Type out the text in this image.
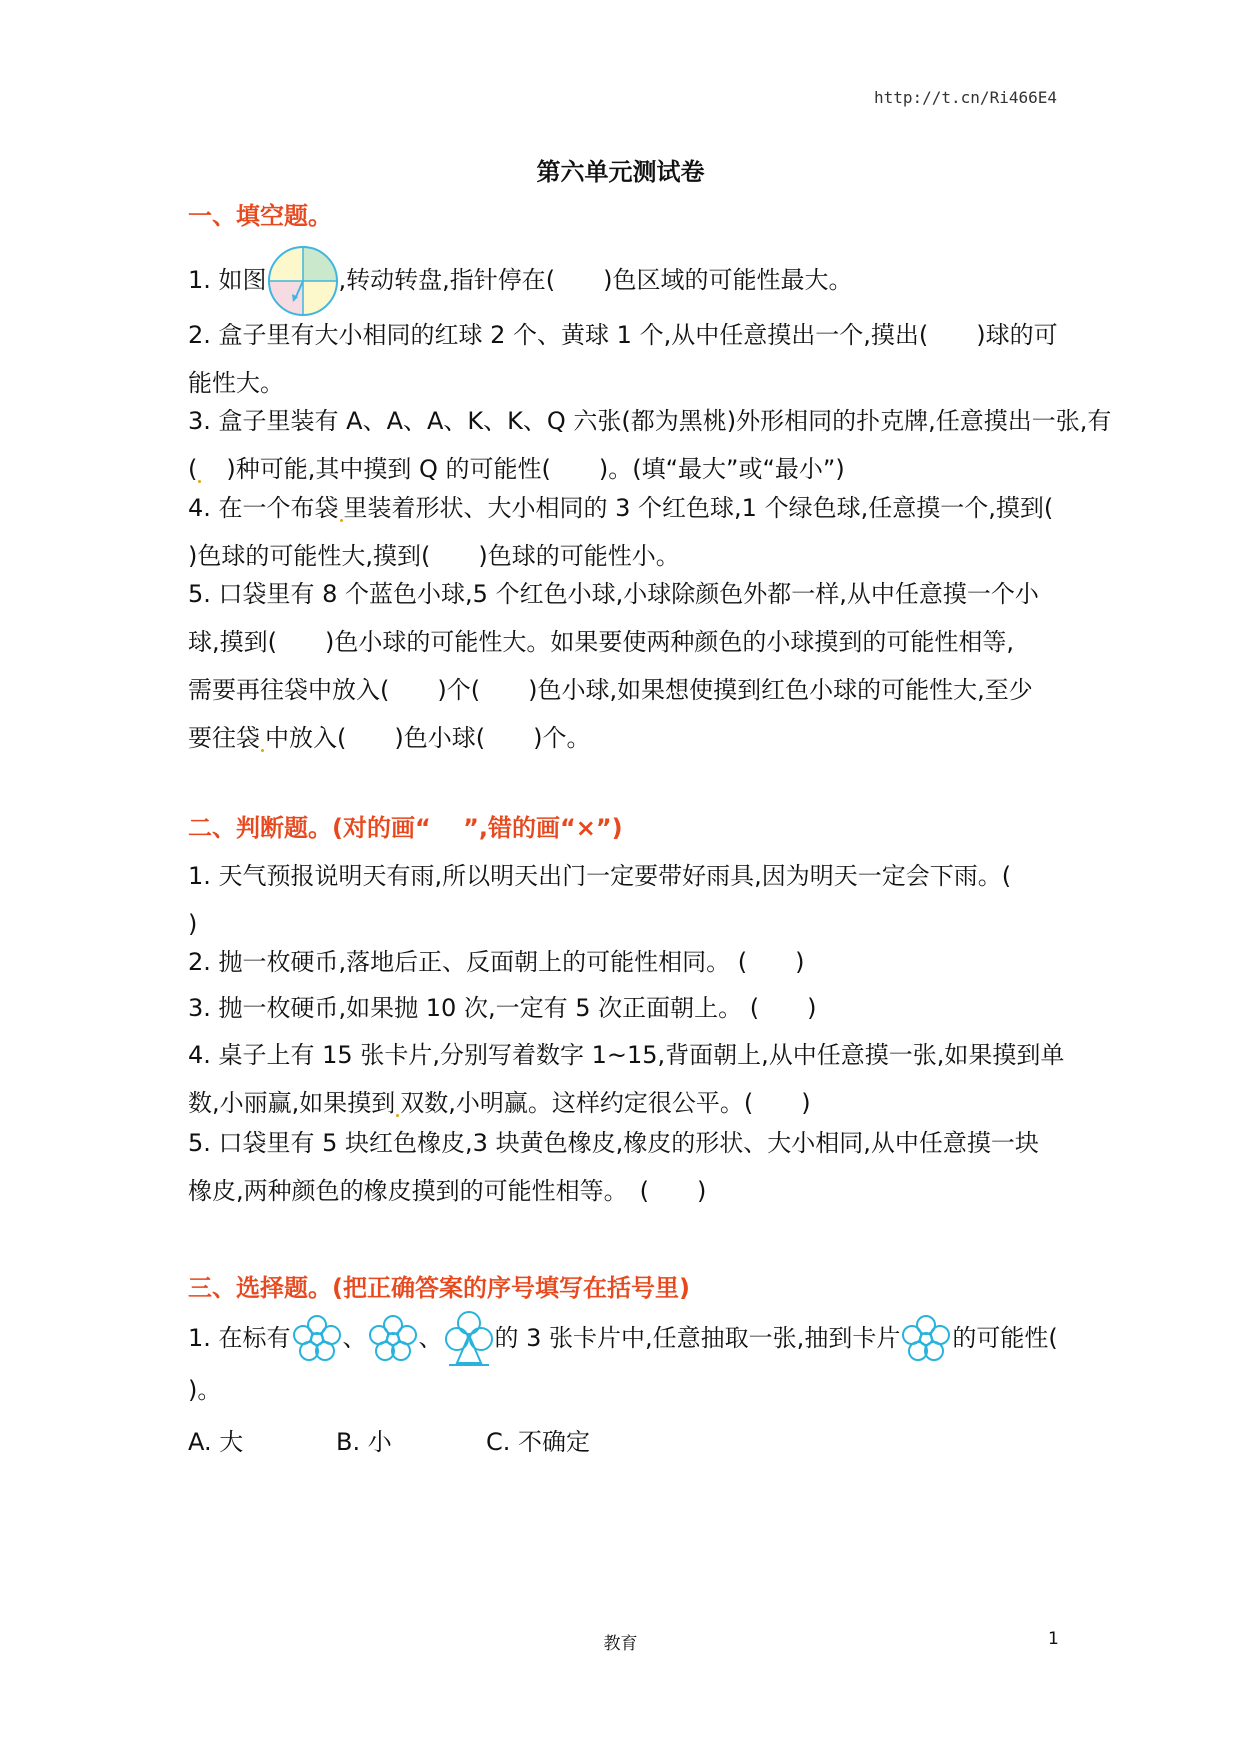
http://t.cn/Ri466E4
第六单元测试卷
一、填空题。
1. 如图	,转动转盘,指针停在(　　)色区域的可能性最大。
2. 盒子里有大小相同的红球 2 个、黄球 1 个,从中任意摸出一个,摸出(　　)球的可
能性大。
3. 盒子里装有 A、A、A、K、K、Q 六张(都为黑桃)外形相同的扑克牌,任意摸出一张,有
(　)种可能,其中摸到 Q 的可能性(　　)。(填“最大”或“最小”)
4. 在一个布袋 里装着形状、大小相同的 3 个红色球,1 个绿色球,任意摸一个,摸到(
)色球的可能性大,摸到(　　)色球的可能性小。
5. 口袋里有 8 个蓝色小球,5 个红色小球,小球除颜色外都一样,从中任意摸一个小
球,摸到(　　)色小球的可能性大。如果要使两种颜色的小球摸到的可能性相等,
需要再往袋中放入(　　)个(　　)色小球,如果想使摸到红色小球的可能性大,至少
要往袋 中放入(　　)色小球(　　)个。
二、判断题。(对的画“　 ”,错的画“×”)
1. 天气预报说明天有雨,所以明天出门一定要带好雨具,因为明天一定会下雨。(
)
2. 抛一枚硬币,落地后正、反面朝上的可能性相同。 (　　)
3. 抛一枚硬币,如果抛 10 次,一定有 5 次正面朝上。 (　　)
4. 桌子上有 15 张卡片,分别写着数字 1~15,背面朝上,从中任意摸一张,如果摸到单
数,小丽赢,如果摸到 双数,小明赢。这样约定很公平。(　　)
5. 口袋里有 5 块红色橡皮,3 块黄色橡皮,橡皮的形状、大小相同,从中任意摸一块
橡皮,两种颜色的橡皮摸到的可能性相等。　(　　)
三、选择题。(把正确答案的序号填写在括号里)
1. 在标有 、 、 的 3 张卡片中,任意抽取一张,抽到卡片 的可能性(
)。
A. 大	B. 小	C. 不确定
教育	1
